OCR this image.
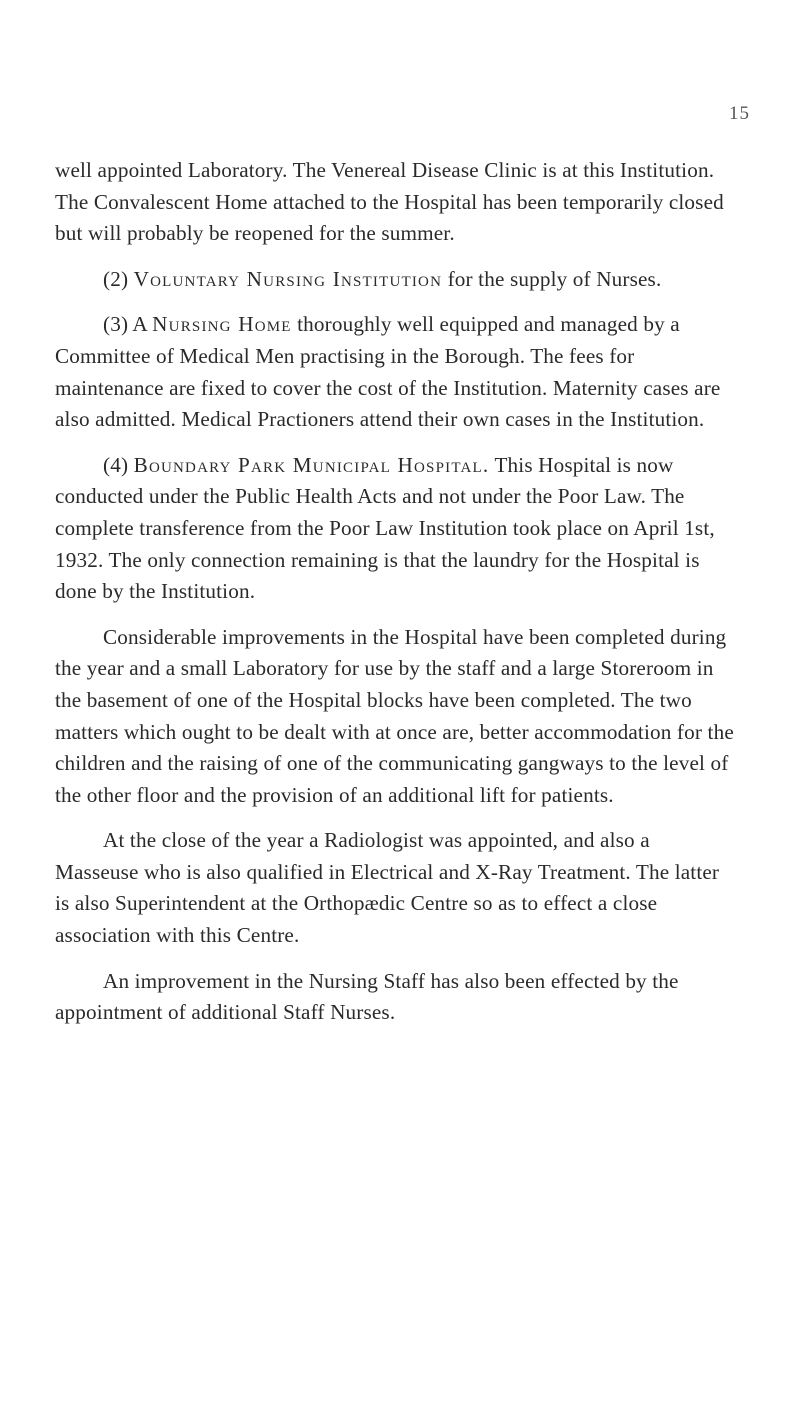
15

well appointed Laboratory. The Venereal Disease Clinic is at this Institution. The Convalescent Home attached to the Hospital has been temporarily closed but will probably be reopened for the summer.

(2) Voluntary Nursing Institution for the supply of Nurses.

(3) A Nursing Home thoroughly well equipped and managed by a Committee of Medical Men practising in the Borough. The fees for maintenance are fixed to cover the cost of the Institution. Maternity cases are also admitted. Medical Practioners attend their own cases in the Institution.

(4) Boundary Park Municipal Hospital. This Hospital is now conducted under the Public Health Acts and not under the Poor Law. The complete transference from the Poor Law Institution took place on April 1st, 1932. The only connection remaining is that the laundry for the Hospital is done by the Institution.

Considerable improvements in the Hospital have been completed during the year and a small Laboratory for use by the staff and a large Storeroom in the basement of one of the Hospital blocks have been completed. The two matters which ought to be dealt with at once are, better accommodation for the children and the raising of one of the communicating gangways to the level of the other floor and the provision of an additional lift for patients.

At the close of the year a Radiologist was appointed, and also a Masseuse who is also qualified in Electrical and X-Ray Treatment. The latter is also Superintendent at the Orthopædic Centre so as to effect a close association with this Centre.

An improvement in the Nursing Staff has also been effected by the appointment of additional Staff Nurses.
